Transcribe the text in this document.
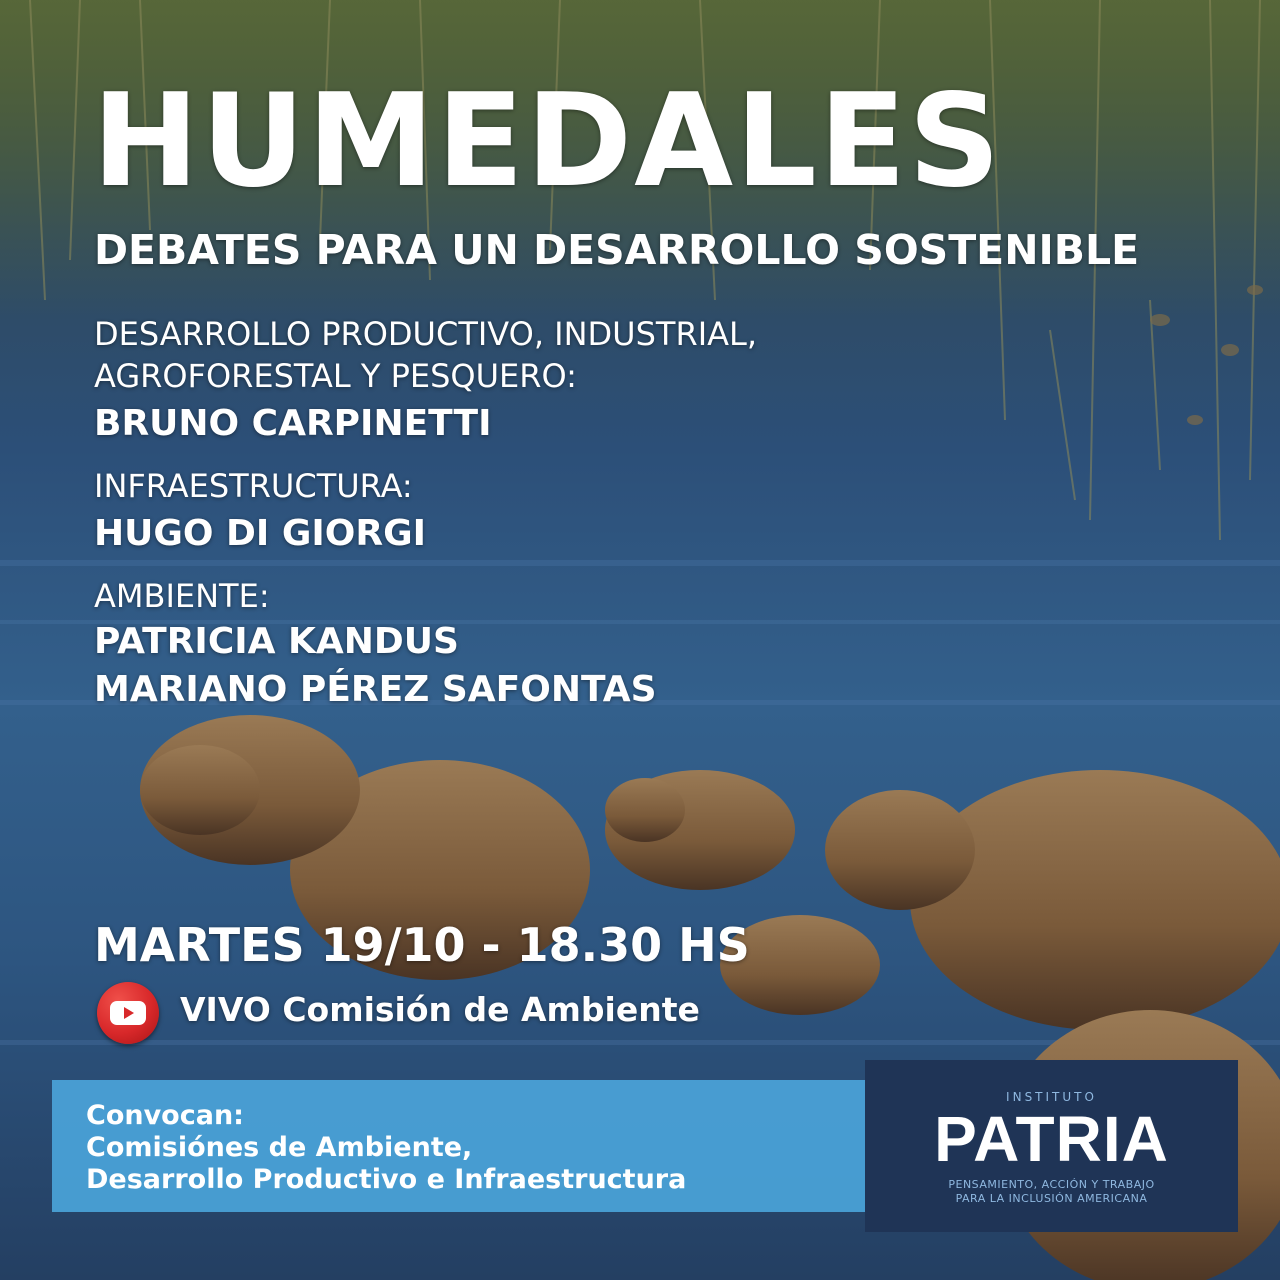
HUMEDALES
DEBATES PARA UN DESARROLLO SOSTENIBLE
DESARROLLO PRODUCTIVO, INDUSTRIAL,
AGROFORESTAL Y PESQUERO:
BRUNO CARPINETTI
INFRAESTRUCTURA:
HUGO DI GIORGI
AMBIENTE:
PATRICIA KANDUS
MARIANO PÉREZ SAFONTAS
MARTES 19/10 - 18.30 HS
VIVO Comisión de Ambiente
Convocan:
Comisiónes de Ambiente,
Desarrollo Productivo e Infraestructura
INSTITUTO
PATRIA
PENSAMIENTO, ACCIÓN Y TRABAJO
PARA LA INCLUSIÓN AMERICANA
